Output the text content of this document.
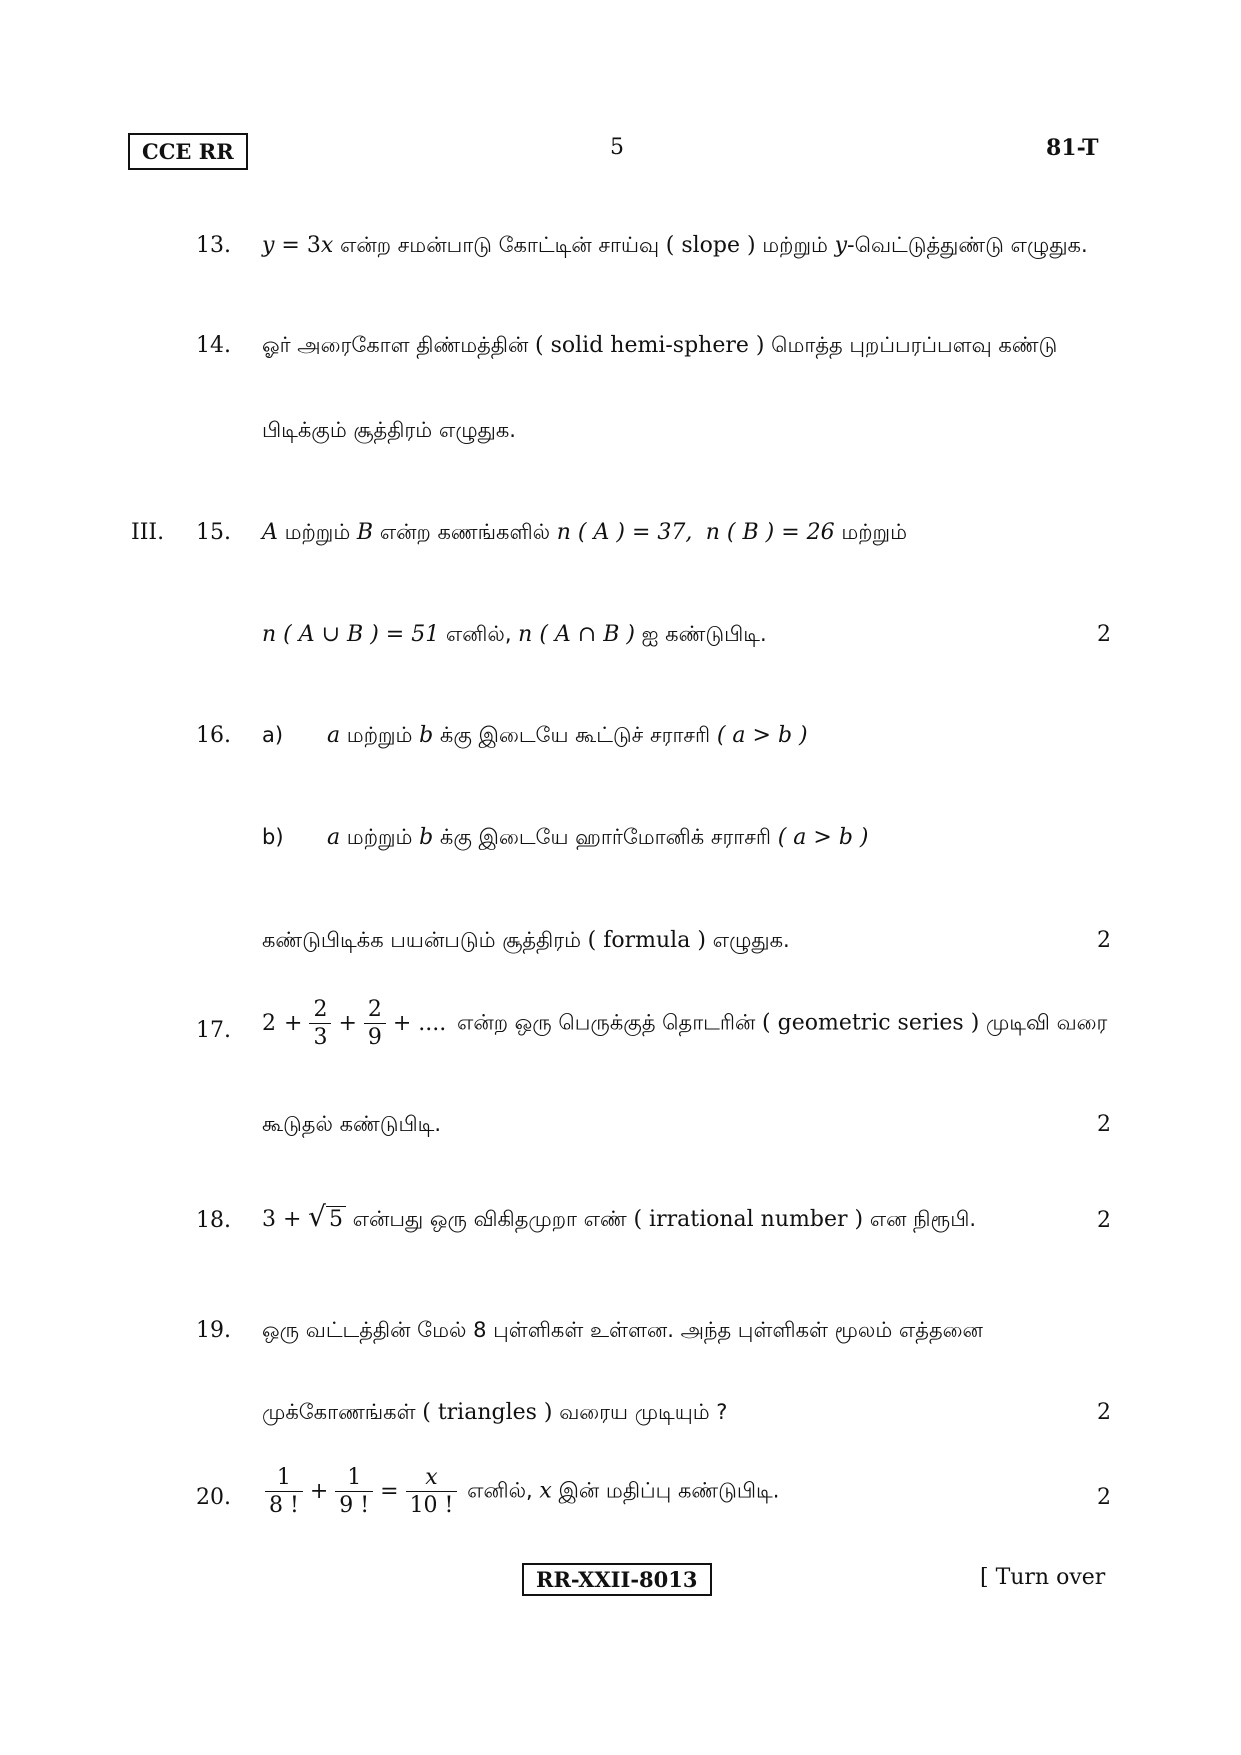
CCE RR	5	81-T
13. y = 3x என்ற சமன்பாடு கோட்டின் சாய்வு ( slope ) மற்றும் y-வெட்டுத்துண்டு எழுதுக.
14. ஓர் அரைகோள திண்மத்தின் ( solid hemi-sphere ) மொத்த புறப்பரப்பளவு கண்டு
பிடிக்கும் சூத்திரம் எழுதுக.
III. 15. A மற்றும் B என்ற கணங்களில் n ( A ) = 37, n ( B ) = 26 மற்றும்
n ( A ∪ B ) = 51 எனில், n ( A ∩ B ) ஐ கண்டுபிடி.	2
16. a) a மற்றும் b க்கு இடையே கூட்டுச் சராசரி ( a > b )
b) a மற்றும் b க்கு இடையே ஹார்மோனிக் சராசரி ( a > b )
கண்டுபிடிக்க பயன்படும் சூத்திரம் ( formula ) எழுதுக.	2
17. $2 + \frac{2}{3} + \frac{2}{9}$ + .... என்ற ஒரு பெருக்குத் தொடரின் ( geometric series ) முடிவி வரை
கூடுதல் கண்டுபிடி.	2
18. 3 + √ 5 என்பது ஒரு விகிதமுறா எண் ( irrational number ) என நிரூபி.	2
19. ஒரு வட்டத்தின் மேல் 8 புள்ளிகள் உள்ளன. அந்த புள்ளிகள் மூலம் எத்தனை
முக்கோணங்கள் ( triangles ) வரைய முடியும் ?	2
20. $\frac{1}{8 !} + \frac{1}{9 !} = \frac{x}{10 !}$ எனில், x இன் மதிப்பு கண்டுபிடி.	2
RR-XXII-8013	[ Turn over
